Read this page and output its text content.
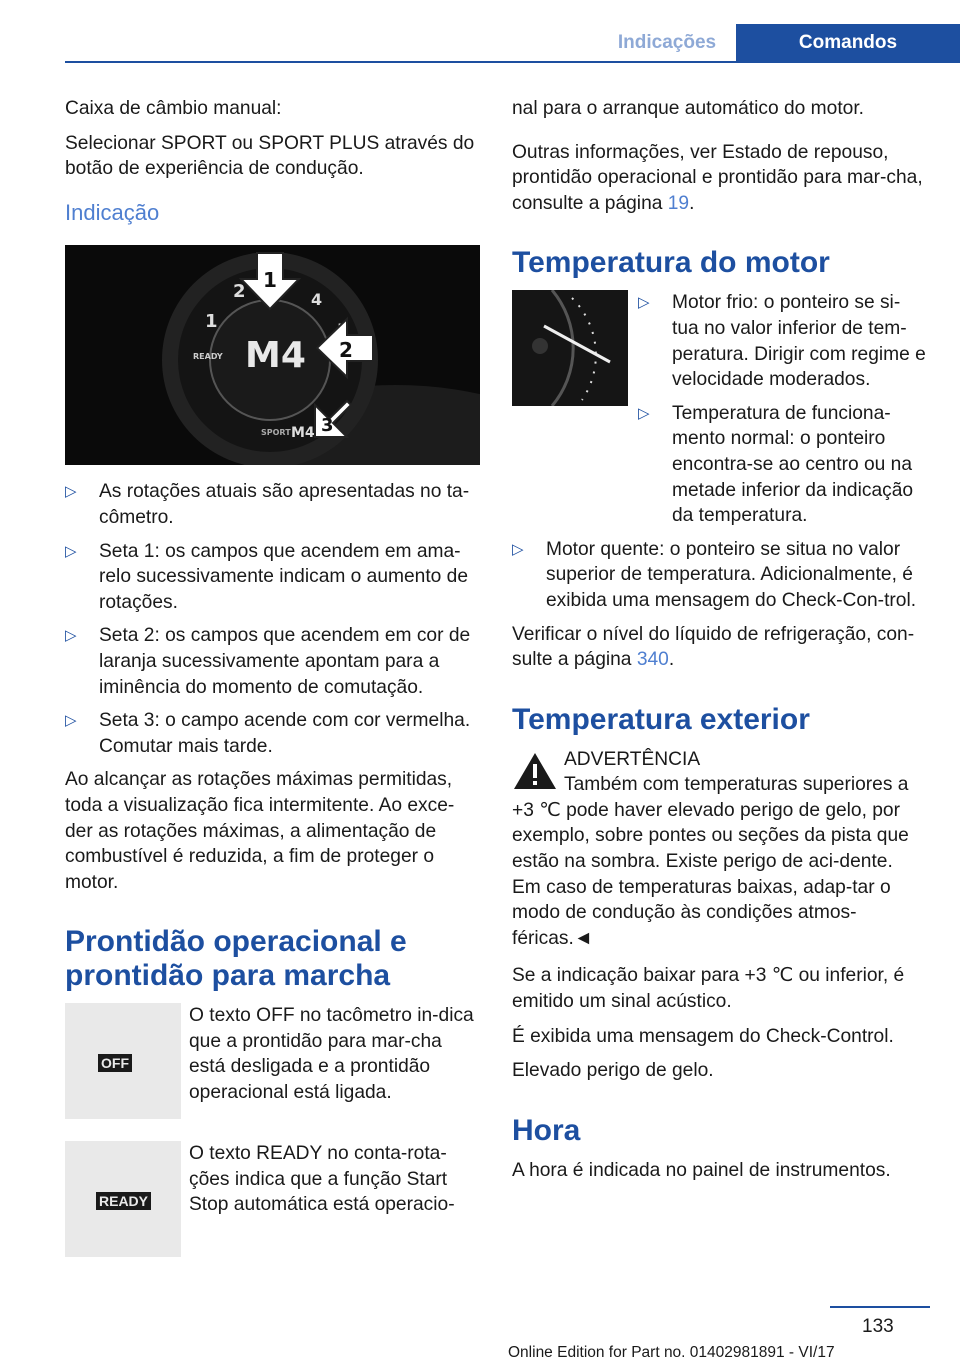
Indicações	Comandos

Caixa de câmbio manual:

Selecionar SPORT ou SPORT PLUS através do botão de experiência de condução.

Indicação
1
2	4
READY M4
SPORT M4
1
2
3
▷ As rotações atuais são apresentadas no ta‐cômetro.
▷ Seta 1: os campos que acendem em ama‐relo sucessivamente indicam o aumento de rotações.
▷ Seta 2: os campos que acendem em cor de laranja sucessivamente apontam para a iminência do momento de comutação.
▷ Seta 3: o campo acende com cor vermelha. Comutar mais tarde.

Ao alcançar as rotações máximas permitidas, toda a visualização fica intermitente. Ao exce‐der as rotações máximas, a alimentação de combustível é reduzida, a fim de proteger o motor.

Prontidão operacional e prontidão para marcha
OFF

O texto OFF no tacômetro in‐dica que a prontidão para mar‐cha está desligada e a prontidão operacional está ligada.

READY

O texto READY no conta-rota‐ções indica que a função Start Stop automática está operacio‐

nal para o arranque automático do motor.

Outras informações, ver Estado de repouso, prontidão operacional e prontidão para mar‐cha, consulte a página 19.

Temperatura do motor
▷ Motor frio: o ponteiro se si‐tua no valor inferior de tem‐peratura. Dirigir com regime e velocidade moderados.
▷ Temperatura de funciona‐mento normal: o ponteiro encontra-se ao centro ou na metade inferior da indicação da temperatura.
▷ Motor quente: o ponteiro se situa no valor superior de temperatura. Adicionalmente, é exibida uma mensagem do Check-Con‐trol.

Verificar o nível do líquido de refrigeração, con‐sulte a página 340.

Temperatura exterior
ADVERTÊNCIA

Também com temperaturas superiores a +3 ℃ pode haver elevado perigo de gelo, por exemplo, sobre pontes ou seções da pista que estão na sombra. Existe perigo de aci‐dente. Em caso de temperaturas baixas, adap‐tar o modo de condução às condições atmos‐féricas.◄

Se a indicação baixar para +3 ℃ ou inferior, é emitido um sinal acústico.

É exibida uma mensagem do Check-Control.

Elevado perigo de gelo.

Hora

A hora é indicada no painel de instrumentos.

133
Online Edition for Part no. 01402981891 - VI/17
